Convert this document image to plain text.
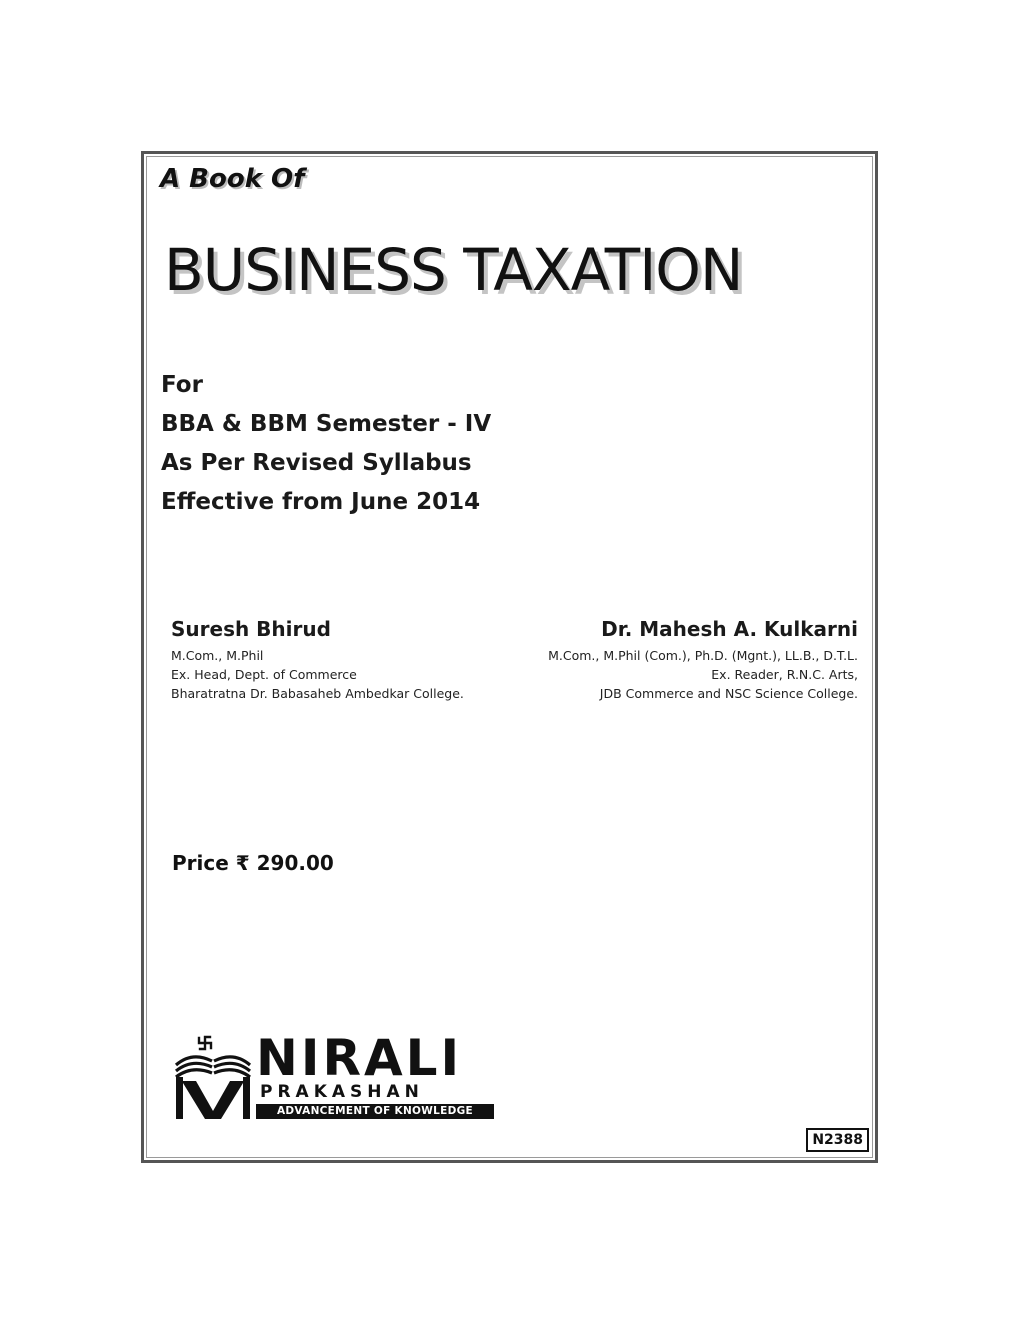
A Book Of
BUSINESS TAXATION
For
BBA & BBM Semester - IV
As Per Revised Syllabus
Effective from June 2014
Suresh Bhirud
M.Com., M.Phil
Ex. Head, Dept. of Commerce
Bharatratna Dr. Babasaheb Ambedkar College.
Dr. Mahesh A. Kulkarni
M.Com., M.Phil (Com.), Ph.D. (Mgnt.), LL.B., D.T.L.
Ex. Reader, R.N.C. Arts,
JDB Commerce and NSC Science College.
Price ₹ 290.00
NIRALI
PRAKASHAN
ADVANCEMENT OF KNOWLEDGE
N2388
